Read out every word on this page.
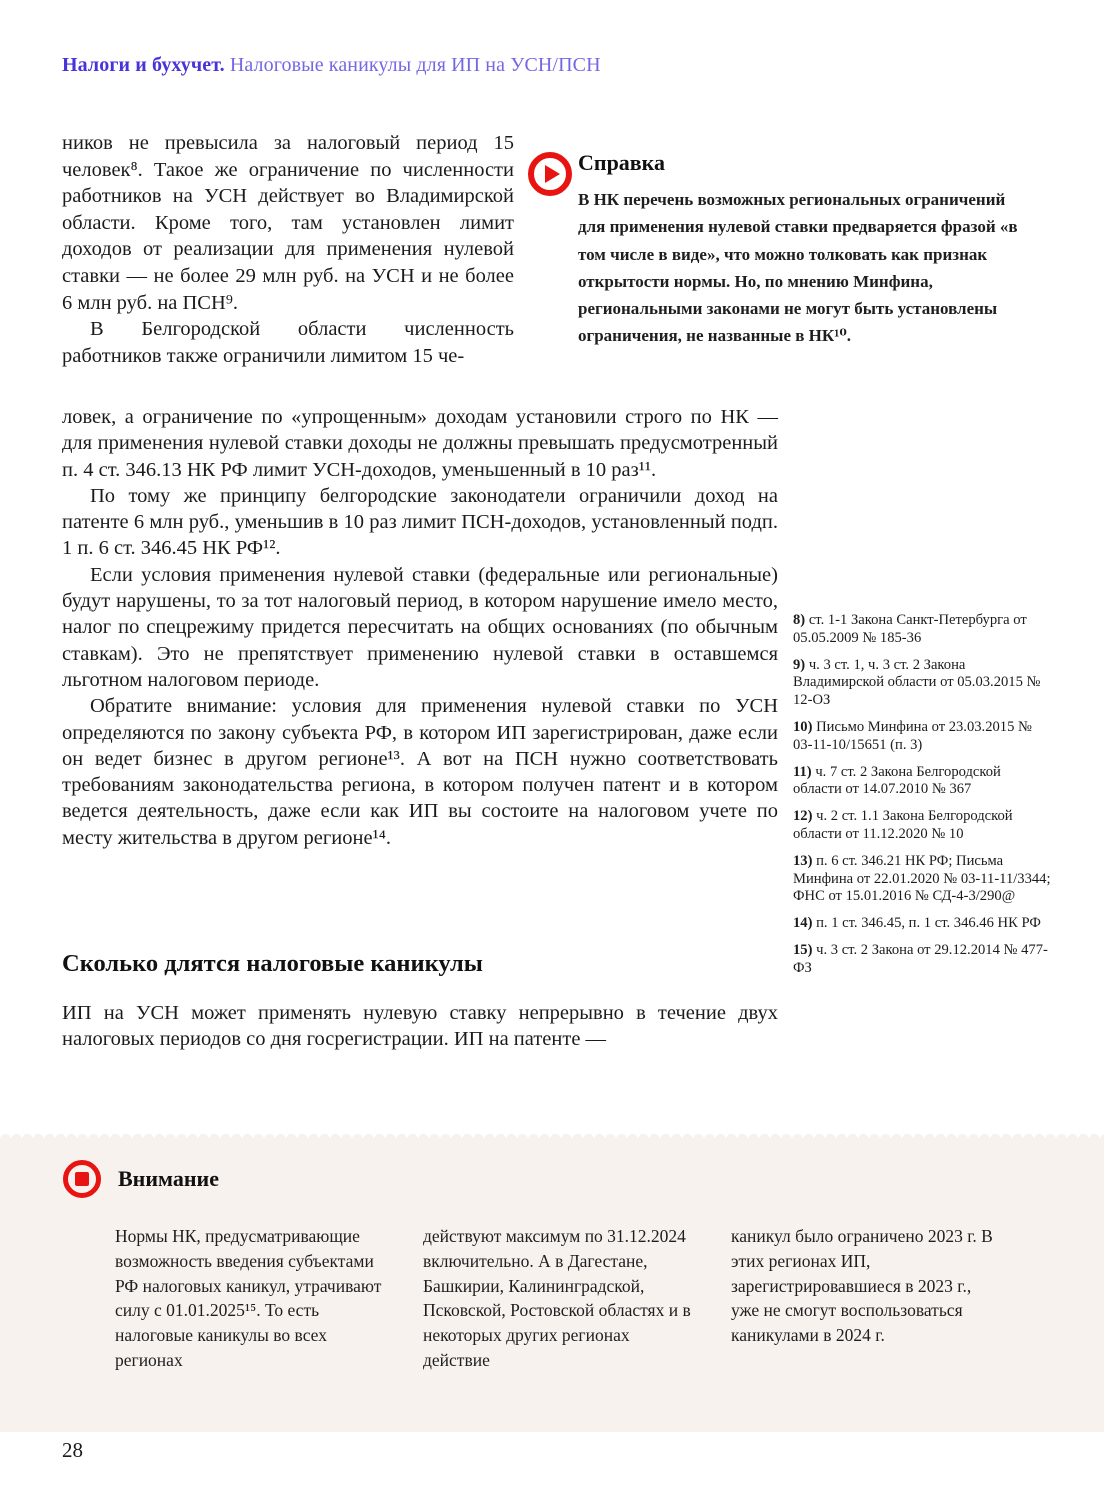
Налоги и бухучет. Налоговые каникулы для ИП на УСН/ПСН

ников не превысила за налоговый период 15 человек⁸. Такое же ограничение по численности работников на УСН действует во Владимирской области. Кроме того, там установлен лимит доходов от реализации для применения нулевой ставки — не более 29 млн руб. на УСН и не более 6 млн руб. на ПСН⁹.

В Белгородской области численность работников также ограничили лимитом 15 че-

Справка
В НК перечень возможных региональных ограничений для применения нулевой ставки предваряется фразой «в том числе в виде», что можно толковать как признак открытости нормы. Но, по мнению Минфина, региональными законами не могут быть установлены ограничения, не названные в НК¹⁰.

ловек, а ограничение по «упрощенным» доходам установили строго по НК — для применения нулевой ставки доходы не должны превышать предусмотренный п. 4 ст. 346.13 НК РФ лимит УСН-доходов, уменьшенный в 10 раз¹¹.

По тому же принципу белгородские законодатели ограничили доход на патенте 6 млн руб., уменьшив в 10 раз лимит ПСН-доходов, установленный подп. 1 п. 6 ст. 346.45 НК РФ¹².

Если условия применения нулевой ставки (федеральные или региональные) будут нарушены, то за тот налоговый период, в котором нарушение имело место, налог по спецрежиму придется пересчитать на общих основаниях (по обычным ставкам). Это не препятствует применению нулевой ставки в оставшемся льготном налоговом периоде.

Обратите внимание: условия для применения нулевой ставки по УСН определяются по закону субъекта РФ, в котором ИП зарегистрирован, даже если он ведет бизнес в другом регионе¹³. А вот на ПСН нужно соответствовать требованиям законодательства региона, в котором получен патент и в котором ведется деятельность, даже если как ИП вы состоите на налоговом учете по месту жительства в другом регионе¹⁴.

8) ст. 1-1 Закона Санкт-Петербурга от 05.05.2009 № 185-36
9) ч. 3 ст. 1, ч. 3 ст. 2 Закона Владимирской области от 05.03.2015 № 12-ОЗ
10) Письмо Минфина от 23.03.2015 № 03-11-10/15651 (п. 3)
11) ч. 7 ст. 2 Закона Белгородской области от 14.07.2010 № 367
12) ч. 2 ст. 1.1 Закона Белгородской области от 11.12.2020 № 10
13) п. 6 ст. 346.21 НК РФ; Письма Минфина от 22.01.2020 № 03-11-11/3344; ФНС от 15.01.2016 № СД-4-3/290@
14) п. 1 ст. 346.45, п. 1 ст. 346.46 НК РФ
15) ч. 3 ст. 2 Закона от 29.12.2014 № 477-ФЗ
Сколько длятся налоговые каникулы

ИП на УСН может применять нулевую ставку непрерывно в течение двух налоговых периодов со дня госрегистрации. ИП на патенте —

Внимание
Нормы НК, предусматривающие возможность введения субъектами РФ налоговых каникул, утрачивают силу с 01.01.2025¹⁵. То есть налоговые каникулы во всех регионах
действуют максимум по 31.12.2024 включительно. А в Дагестане, Башкирии, Калининградской, Псковской, Ростовской областях и в некоторых других регионах действие
каникул было ограничено 2023 г. В этих регионах ИП, зарегистрировавшиеся в 2023 г., уже не смогут воспользоваться каникулами в 2024 г.
28
